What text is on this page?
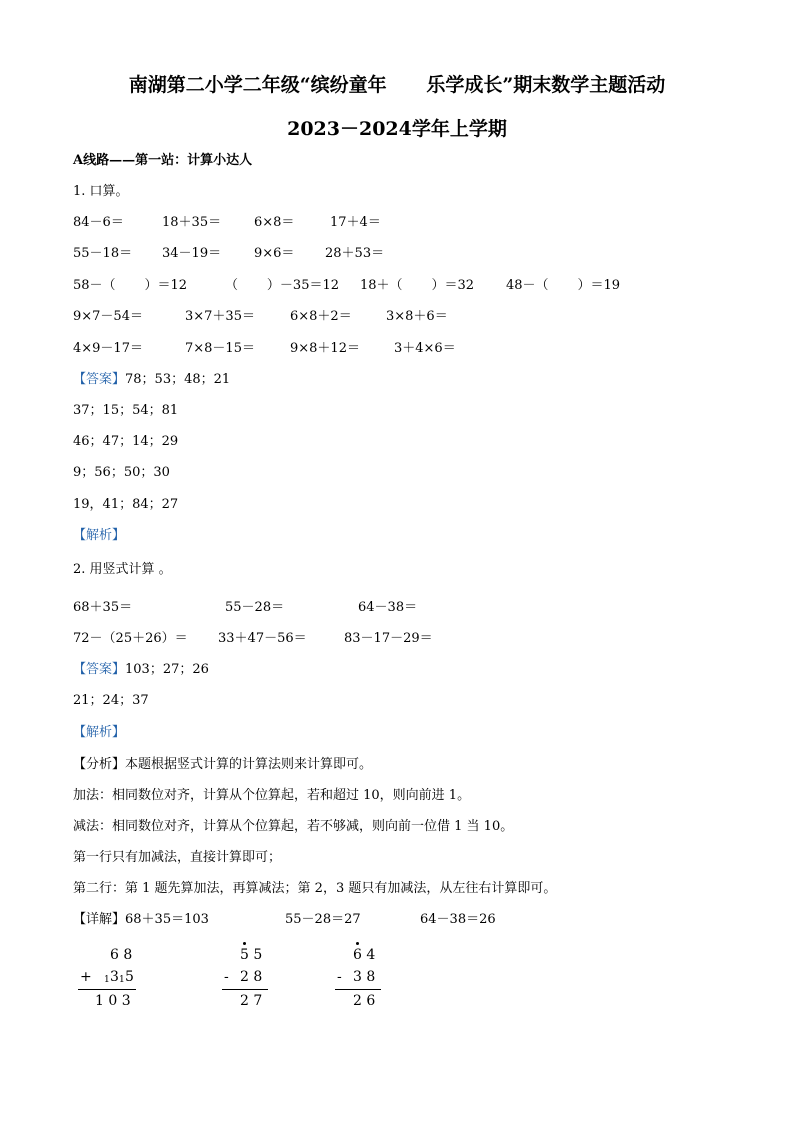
南湖第二小学二年级“缤纷童年      乐学成长”期末数学主题活动
2023－2024学年上学期
A线路——第一站：计算小达人
1. 口算。
84－6＝	18＋35＝	6×8＝	17＋4＝
55－18＝ 34－19＝	9×6＝ 28＋53＝
58－（       ）＝12	（       ）－35＝12 18＋（       ）＝32 48－（       ）＝19
9×7－54＝	3×7＋35＝	6×8＋2＝	3×8＋6＝
4×9－17＝	7×8－15＝	9×8＋12＝	3＋4×6＝
【答案】78；53；48；21
37；15；54；81
46；47；14；29
9；56；50；30
19，41；84；27
【解析】
2. 用竖式计算 。
68＋35＝	55－28＝	64－38＝
72－（25＋26）＝ 33＋47－56＝	83－17－29＝
【答案】103；27；26
21；24；37
【解析】
【分析】本题根据竖式计算的计算法则来计算即可。
加法：相同数位对齐，计算从个位算起，若和超过 10，则向前进 1。
减法：相同数位对齐，计算从个位算起，若不够减，则向前一位借 1 当 10。
第一行只有加减法，直接计算即可；
第二行：第 1 题先算加法，再算减法；第 2，3 题只有加减法，从左往右计算即可。
【详解】68＋35＝103	55－28＝27	64－38＝26
6 8
+ 1 3 1 5
1 0 3
5 5
- 2 8
2 7
6 4
- 3 8
2 6
